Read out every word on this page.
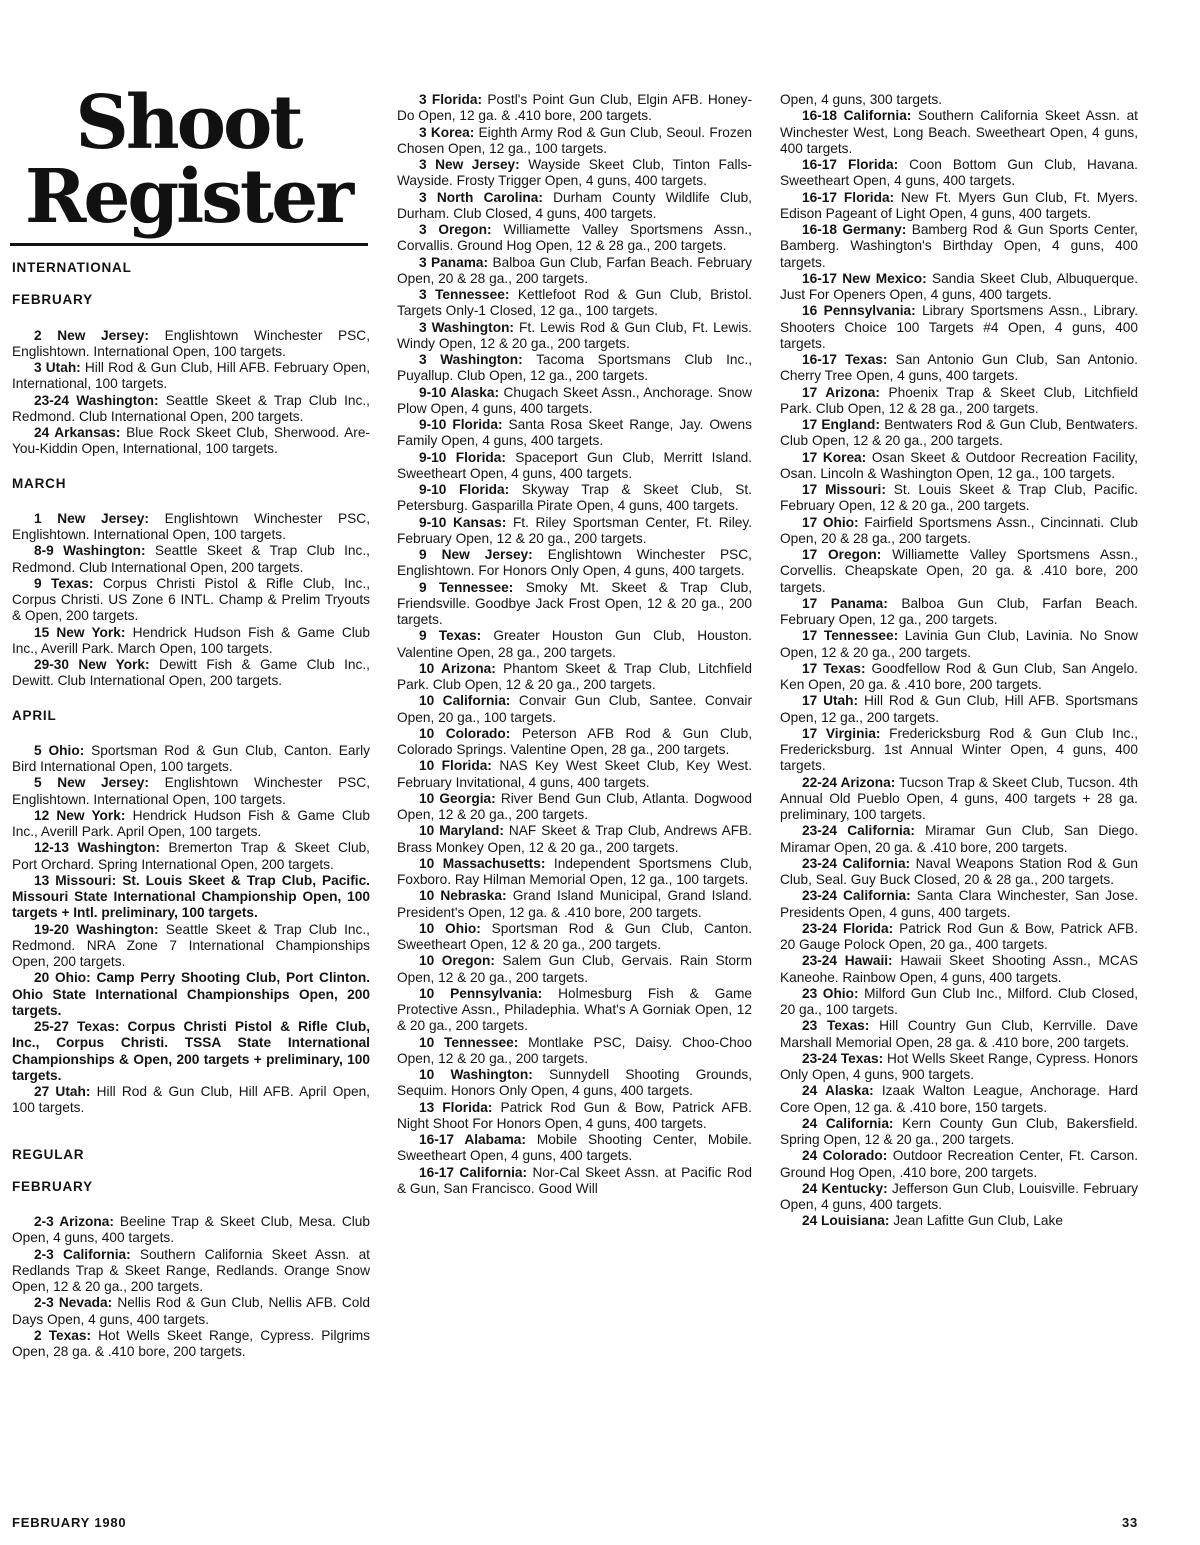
Shoot
Register
INTERNATIONAL
FEBRUARY

2 New Jersey: Englishtown Winchester PSC, Englishtown. International Open, 100 targets.

3 Utah: Hill Rod & Gun Club, Hill AFB. February Open, International, 100 targets.

23-24 Washington: Seattle Skeet & Trap Club Inc., Redmond. Club International Open, 200 targets.

24 Arkansas: Blue Rock Skeet Club, Sherwood. Are-You-Kiddin Open, International, 100 targets.

MARCH

1 New Jersey: Englishtown Winchester PSC, Englishtown. International Open, 100 targets.

8-9 Washington: Seattle Skeet & Trap Club Inc., Redmond. Club International Open, 200 targets.

9 Texas: Corpus Christi Pistol & Rifle Club, Inc., Corpus Christi. US Zone 6 INTL. Champ & Prelim Tryouts & Open, 200 targets.

15 New York: Hendrick Hudson Fish & Game Club Inc., Averill Park. March Open, 100 targets.

29-30 New York: Dewitt Fish & Game Club Inc., Dewitt. Club International Open, 200 targets.

APRIL

5 Ohio: Sportsman Rod & Gun Club, Canton. Early Bird International Open, 100 targets.

5 New Jersey: Englishtown Winchester PSC, Englishtown. International Open, 100 targets.

12 New York: Hendrick Hudson Fish & Game Club Inc., Averill Park. April Open, 100 targets.

12-13 Washington: Bremerton Trap & Skeet Club, Port Orchard. Spring International Open, 200 targets.

13 Missouri: St. Louis Skeet & Trap Club, Pacific. Missouri State International Championship Open, 100 targets + Intl. preliminary, 100 targets.

19-20 Washington: Seattle Skeet & Trap Club Inc., Redmond. NRA Zone 7 International Championships Open, 200 targets.

20 Ohio: Camp Perry Shooting Club, Port Clinton. Ohio State International Championships Open, 200 targets.

25-27 Texas: Corpus Christi Pistol & Rifle Club, Inc., Corpus Christi. TSSA State International Championships & Open, 200 targets + preliminary, 100 targets.

27 Utah: Hill Rod & Gun Club, Hill AFB. April Open, 100 targets.

REGULAR
FEBRUARY

2-3 Arizona: Beeline Trap & Skeet Club, Mesa. Club Open, 4 guns, 400 targets.

2-3 California: Southern California Skeet Assn. at Redlands Trap & Skeet Range, Redlands. Orange Snow Open, 12 & 20 ga., 200 targets.

2-3 Nevada: Nellis Rod & Gun Club, Nellis AFB. Cold Days Open, 4 guns, 400 targets.

2 Texas: Hot Wells Skeet Range, Cypress. Pilgrims Open, 28 ga. & .410 bore, 200 targets.

3 Florida: Postl's Point Gun Club, Elgin AFB. Honey-Do Open, 12 ga. & .410 bore, 200 targets.

3 Korea: Eighth Army Rod & Gun Club, Seoul. Frozen Chosen Open, 12 ga., 100 targets.

3 New Jersey: Wayside Skeet Club, Tinton Falls-Wayside. Frosty Trigger Open, 4 guns, 400 targets.

3 North Carolina: Durham County Wildlife Club, Durham. Club Closed, 4 guns, 400 targets.

3 Oregon: Williamette Valley Sportsmens Assn., Corvallis. Ground Hog Open, 12 & 28 ga., 200 targets.

3 Panama: Balboa Gun Club, Farfan Beach. February Open, 20 & 28 ga., 200 targets.

3 Tennessee: Kettlefoot Rod & Gun Club, Bristol. Targets Only-1 Closed, 12 ga., 100 targets.

3 Washington: Ft. Lewis Rod & Gun Club, Ft. Lewis. Windy Open, 12 & 20 ga., 200 targets.

3 Washington: Tacoma Sportsmans Club Inc., Puyallup. Club Open, 12 ga., 200 targets.

9-10 Alaska: Chugach Skeet Assn., Anchorage. Snow Plow Open, 4 guns, 400 targets.

9-10 Florida: Santa Rosa Skeet Range, Jay. Owens Family Open, 4 guns, 400 targets.

9-10 Florida: Spaceport Gun Club, Merritt Island. Sweetheart Open, 4 guns, 400 targets.

9-10 Florida: Skyway Trap & Skeet Club, St. Petersburg. Gasparilla Pirate Open, 4 guns, 400 targets.

9-10 Kansas: Ft. Riley Sportsman Center, Ft. Riley. February Open, 12 & 20 ga., 200 targets.

9 New Jersey: Englishtown Winchester PSC, Englishtown. For Honors Only Open, 4 guns, 400 targets.

9 Tennessee: Smoky Mt. Skeet & Trap Club, Friendsville. Goodbye Jack Frost Open, 12 & 20 ga., 200 targets.

9 Texas: Greater Houston Gun Club, Houston. Valentine Open, 28 ga., 200 targets.

10 Arizona: Phantom Skeet & Trap Club, Litchfield Park. Club Open, 12 & 20 ga., 200 targets.

10 California: Convair Gun Club, Santee. Convair Open, 20 ga., 100 targets.

10 Colorado: Peterson AFB Rod & Gun Club, Colorado Springs. Valentine Open, 28 ga., 200 targets.

10 Florida: NAS Key West Skeet Club, Key West. February Invitational, 4 guns, 400 targets.

10 Georgia: River Bend Gun Club, Atlanta. Dogwood Open, 12 & 20 ga., 200 targets.

10 Maryland: NAF Skeet & Trap Club, Andrews AFB. Brass Monkey Open, 12 & 20 ga., 200 targets.

10 Massachusetts: Independent Sportsmens Club, Foxboro. Ray Hilman Memorial Open, 12 ga., 100 targets.

10 Nebraska: Grand Island Municipal, Grand Island. President's Open, 12 ga. & .410 bore, 200 targets.

10 Ohio: Sportsman Rod & Gun Club, Canton. Sweetheart Open, 12 & 20 ga., 200 targets.

10 Oregon: Salem Gun Club, Gervais. Rain Storm Open, 12 & 20 ga., 200 targets.

10 Pennsylvania: Holmesburg Fish & Game Protective Assn., Philadephia. What's A Gorniak Open, 12 & 20 ga., 200 targets.

10 Tennessee: Montlake PSC, Daisy. Choo-Choo Open, 12 & 20 ga., 200 targets.

10 Washington: Sunnydell Shooting Grounds, Sequim. Honors Only Open, 4 guns, 400 targets.

13 Florida: Patrick Rod Gun & Bow, Patrick AFB. Night Shoot For Honors Open, 4 guns, 400 targets.

16-17 Alabama: Mobile Shooting Center, Mobile. Sweetheart Open, 4 guns, 400 targets.

16-17 California: Nor-Cal Skeet Assn. at Pacific Rod & Gun, San Francisco. Good Will

Open, 4 guns, 300 targets.

16-18 California: Southern California Skeet Assn. at Winchester West, Long Beach. Sweetheart Open, 4 guns, 400 targets.

16-17 Florida: Coon Bottom Gun Club, Havana. Sweetheart Open, 4 guns, 400 targets.

16-17 Florida: New Ft. Myers Gun Club, Ft. Myers. Edison Pageant of Light Open, 4 guns, 400 targets.

16-18 Germany: Bamberg Rod & Gun Sports Center, Bamberg. Washington's Birthday Open, 4 guns, 400 targets.

16-17 New Mexico: Sandia Skeet Club, Albuquerque. Just For Openers Open, 4 guns, 400 targets.

16 Pennsylvania: Library Sportsmens Assn., Library. Shooters Choice 100 Targets #4 Open, 4 guns, 400 targets.

16-17 Texas: San Antonio Gun Club, San Antonio. Cherry Tree Open, 4 guns, 400 targets.

17 Arizona: Phoenix Trap & Skeet Club, Litchfield Park. Club Open, 12 & 28 ga., 200 targets.

17 England: Bentwaters Rod & Gun Club, Bentwaters. Club Open, 12 & 20 ga., 200 targets.

17 Korea: Osan Skeet & Outdoor Recreation Facility, Osan. Lincoln & Washington Open, 12 ga., 100 targets.

17 Missouri: St. Louis Skeet & Trap Club, Pacific. February Open, 12 & 20 ga., 200 targets.

17 Ohio: Fairfield Sportsmens Assn., Cincinnati. Club Open, 20 & 28 ga., 200 targets.

17 Oregon: Williamette Valley Sportsmens Assn., Corvellis. Cheapskate Open, 20 ga. & .410 bore, 200 targets.

17 Panama: Balboa Gun Club, Farfan Beach. February Open, 12 ga., 200 targets.

17 Tennessee: Lavinia Gun Club, Lavinia. No Snow Open, 12 & 20 ga., 200 targets.

17 Texas: Goodfellow Rod & Gun Club, San Angelo. Ken Open, 20 ga. & .410 bore, 200 targets.

17 Utah: Hill Rod & Gun Club, Hill AFB. Sportsmans Open, 12 ga., 200 targets.

17 Virginia: Fredericksburg Rod & Gun Club Inc., Fredericksburg. 1st Annual Winter Open, 4 guns, 400 targets.

22-24 Arizona: Tucson Trap & Skeet Club, Tucson. 4th Annual Old Pueblo Open, 4 guns, 400 targets + 28 ga. preliminary, 100 targets.

23-24 California: Miramar Gun Club, San Diego. Miramar Open, 20 ga. & .410 bore, 200 targets.

23-24 California: Naval Weapons Station Rod & Gun Club, Seal. Guy Buck Closed, 20 & 28 ga., 200 targets.

23-24 California: Santa Clara Winchester, San Jose. Presidents Open, 4 guns, 400 targets.

23-24 Florida: Patrick Rod Gun & Bow, Patrick AFB. 20 Gauge Polock Open, 20 ga., 400 targets.

23-24 Hawaii: Hawaii Skeet Shooting Assn., MCAS Kaneohe. Rainbow Open, 4 guns, 400 targets.

23 Ohio: Milford Gun Club Inc., Milford. Club Closed, 20 ga., 100 targets.

23 Texas: Hill Country Gun Club, Kerrville. Dave Marshall Memorial Open, 28 ga. & .410 bore, 200 targets.

23-24 Texas: Hot Wells Skeet Range, Cypress. Honors Only Open, 4 guns, 900 targets.

24 Alaska: Izaak Walton League, Anchorage. Hard Core Open, 12 ga. & .410 bore, 150 targets.

24 California: Kern County Gun Club, Bakersfield. Spring Open, 12 & 20 ga., 200 targets.

24 Colorado: Outdoor Recreation Center, Ft. Carson. Ground Hog Open, .410 bore, 200 targets.

24 Kentucky: Jefferson Gun Club, Louisville. February Open, 4 guns, 400 targets.

24 Louisiana: Jean Lafitte Gun Club, Lake

FEBRUARY 1980	33
